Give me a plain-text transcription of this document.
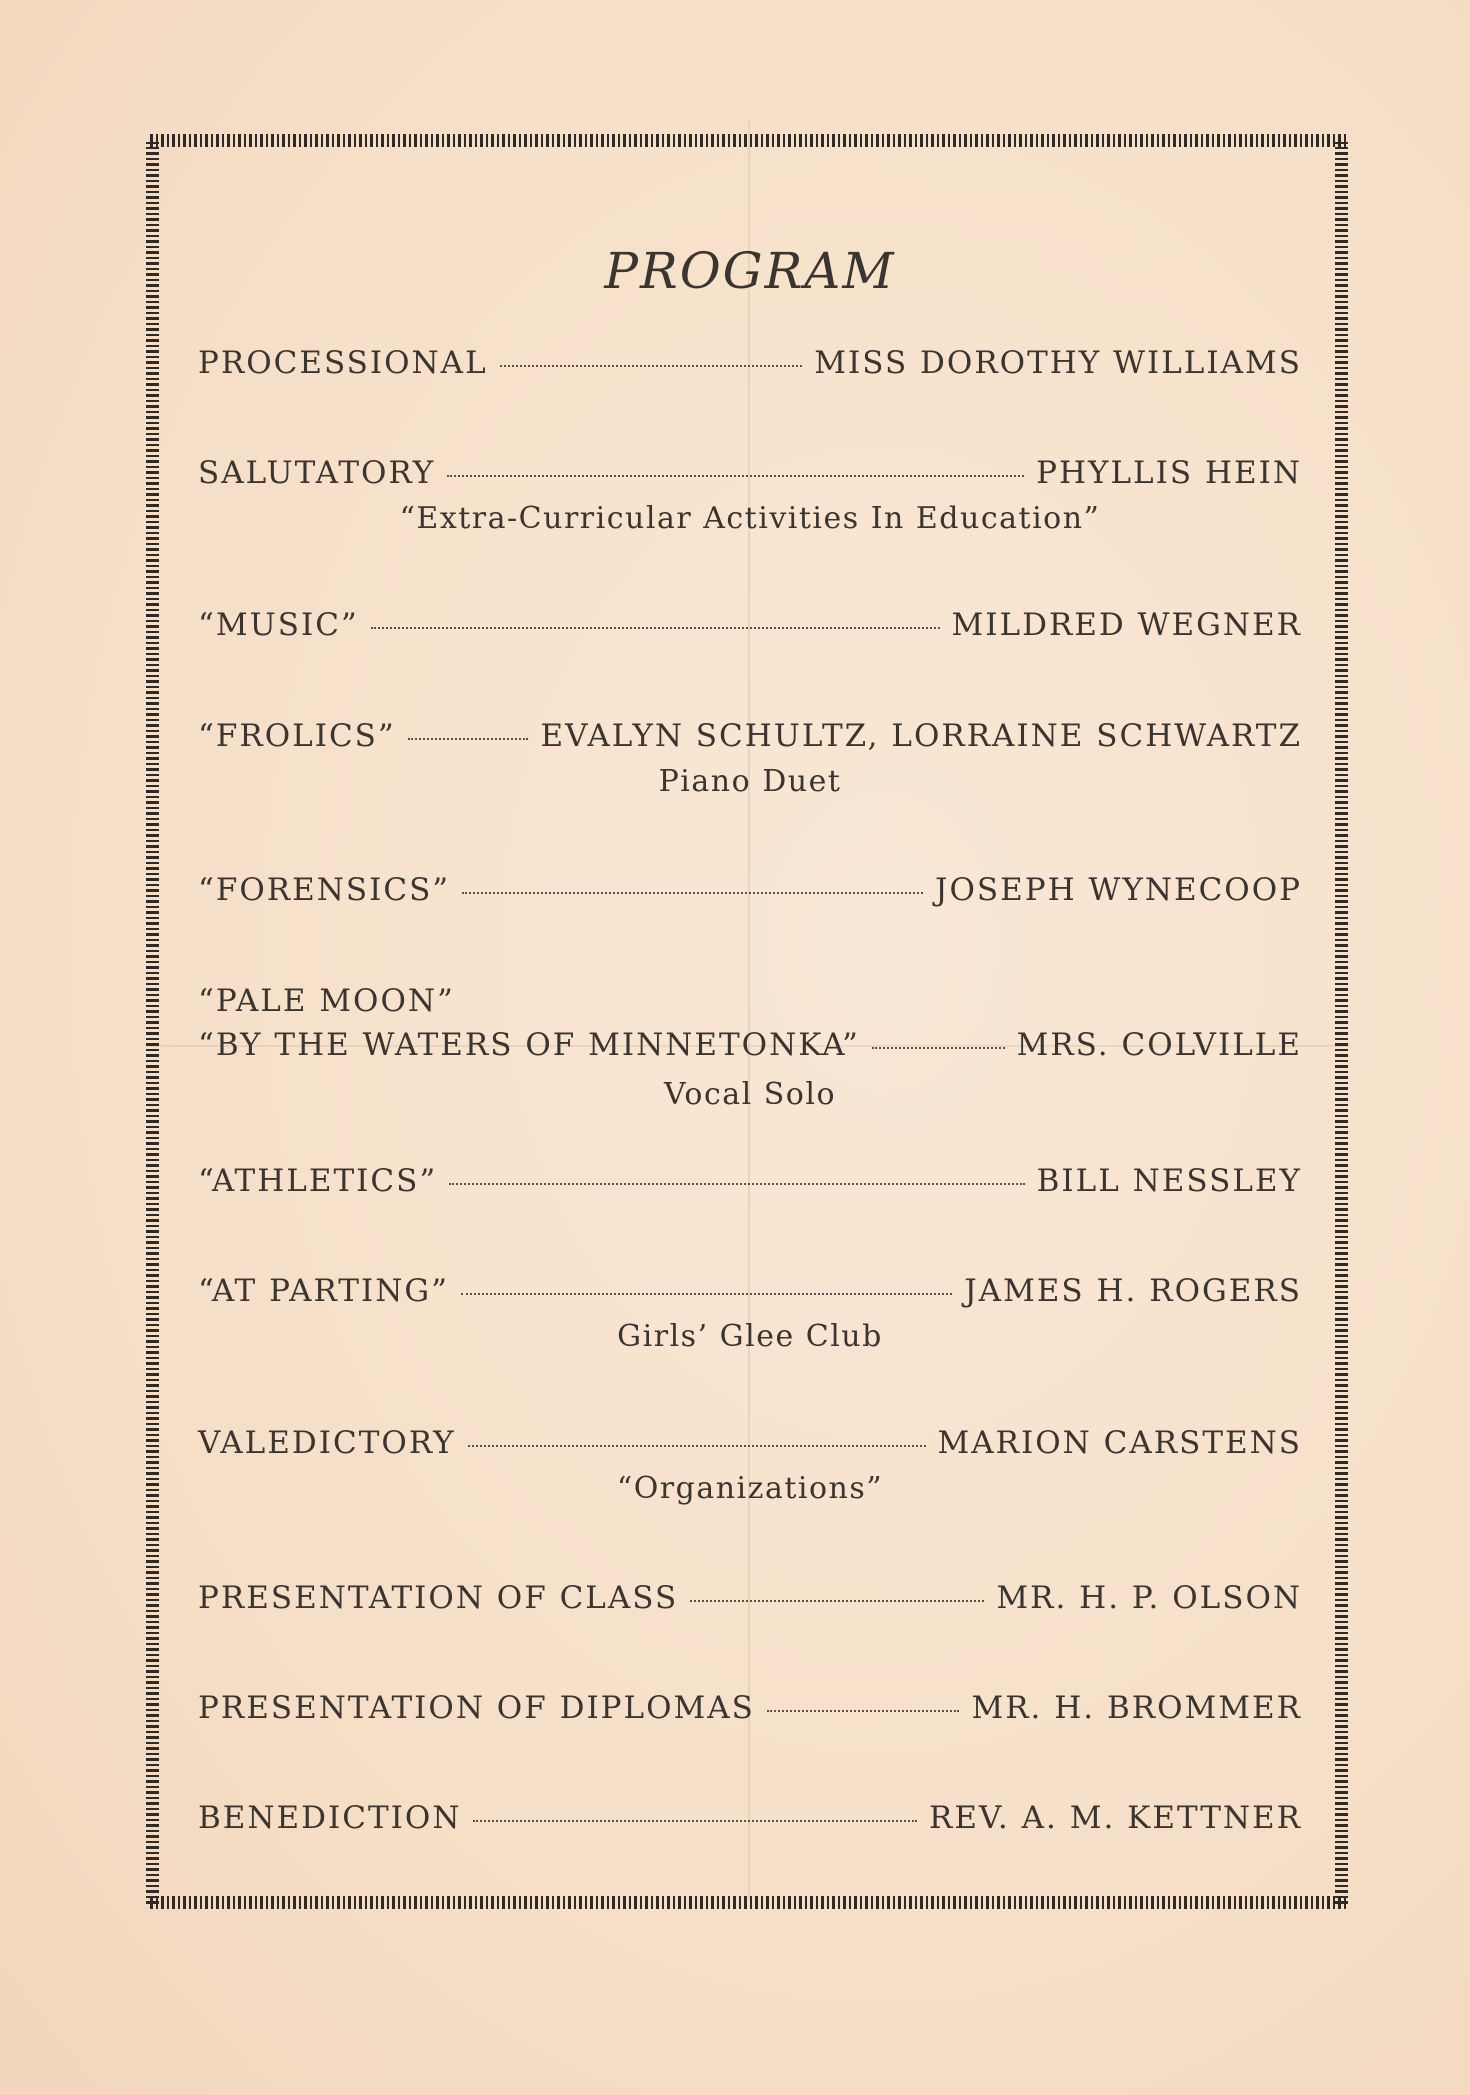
PROGRAM
PROCESSIONAL	MISS DOROTHY WILLIAMS
SALUTATORY	PHYLLIS HEIN
“Extra-Curricular Activities In Education”
“MUSIC”	MILDRED WEGNER
“FROLICS”	EVALYN SCHULTZ, LORRAINE SCHWARTZ
Piano Duet
“FORENSICS”	JOSEPH WYNECOOP
“PALE MOON”
“BY THE WATERS OF MINNETONKA”	MRS. COLVILLE
Vocal Solo
“ATHLETICS”	BILL NESSLEY
“AT PARTING”	JAMES H. ROGERS
Girls’ Glee Club
VALEDICTORY	MARION CARSTENS
“Organizations”
PRESENTATION OF CLASS	MR. H. P. OLSON
PRESENTATION OF DIPLOMAS	MR. H. BROMMER
BENEDICTION	REV. A. M. KETTNER
